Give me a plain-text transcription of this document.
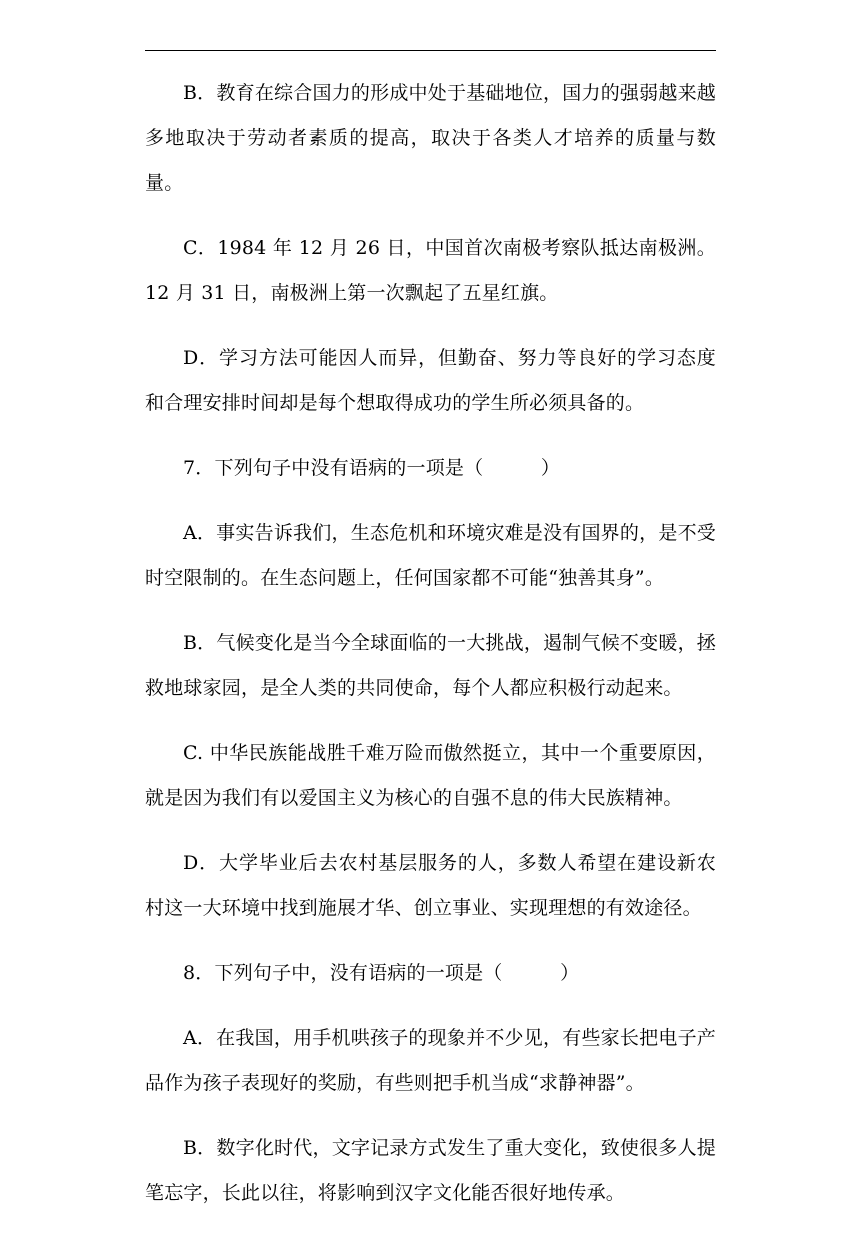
B．教育在综合国力的形成中处于基础地位，国力的强弱越来越多地取决于劳动者素质的提高，取决于各类人才培养的质量与数量。

C．1984 年 12 月 26 日，中国首次南极考察队抵达南极洲。12 月 31 日，南极洲上第一次飘起了五星红旗。

D．学习方法可能因人而异，但勤奋、努力等良好的学习态度和合理安排时间却是每个想取得成功的学生所必须具备的。

7．下列句子中没有语病的一项是（　　　）

A．事实告诉我们，生态危机和环境灾难是没有国界的，是不受时空限制的。在生态问题上，任何国家都不可能“独善其身”。

B．气候变化是当今全球面临的一大挑战，遏制气候不变暖，拯救地球家园，是全人类的共同使命，每个人都应积极行动起来。

C. 中华民族能战胜千难万险而傲然挺立，其中一个重要原因，就是因为我们有以爱国主义为核心的自强不息的伟大民族精神。

D．大学毕业后去农村基层服务的人，多数人希望在建设新农村这一大环境中找到施展才华、创立事业、实现理想的有效途径。

8．下列句子中，没有语病的一项是（　　　）

A．在我国，用手机哄孩子的现象并不少见，有些家长把电子产品作为孩子表现好的奖励，有些则把手机当成“求静神器”。

B．数字化时代，文字记录方式发生了重大变化，致使很多人提笔忘字，长此以往，将影响到汉字文化能否很好地传承。
